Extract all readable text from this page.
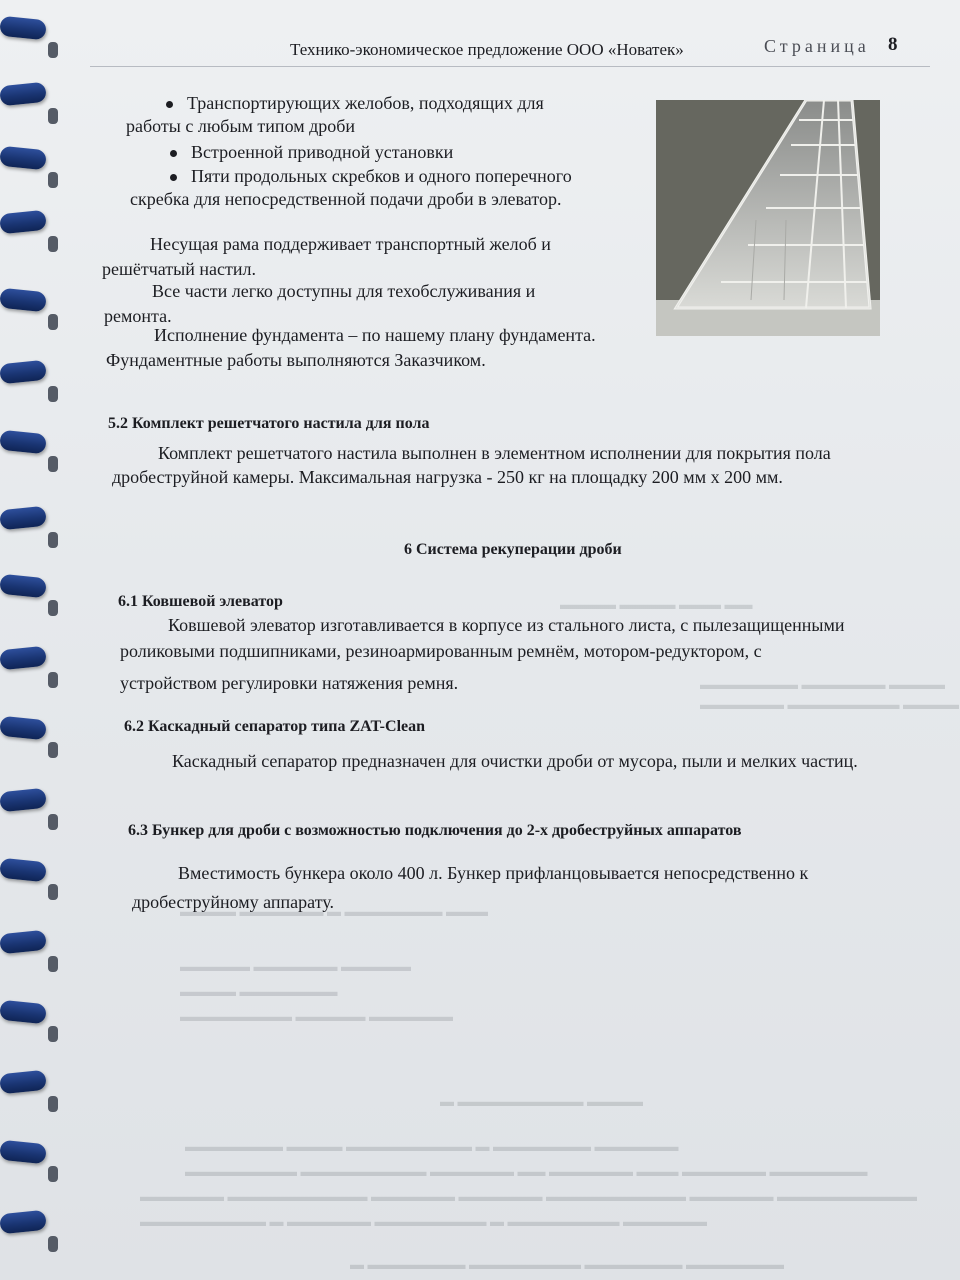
▬▬▬▬ ▬▬▬▬ ▬▬▬ ▬▬
▬▬▬▬▬▬▬ ▬▬▬▬▬▬ ▬▬▬▬
▬▬▬▬▬▬ ▬▬▬▬▬▬▬▬ ▬▬▬▬
▬▬▬▬ ▬▬▬▬▬▬ ▬ ▬▬▬▬▬▬▬ ▬▬▬
▬▬▬▬▬ ▬▬▬▬▬▬ ▬▬▬▬▬
▬▬▬▬ ▬▬▬▬▬▬▬
▬▬▬▬▬▬▬▬ ▬▬▬▬▬ ▬▬▬▬▬▬
▬ ▬▬▬▬▬▬▬▬▬ ▬▬▬▬
▬▬▬▬▬▬▬ ▬▬▬▬ ▬▬▬▬▬▬▬▬▬ ▬ ▬▬▬▬▬▬▬ ▬▬▬▬▬▬
▬▬▬▬▬▬▬▬ ▬▬▬▬▬▬▬▬▬ ▬▬▬▬▬▬ ▬▬ ▬▬▬▬▬▬ ▬▬▬ ▬▬▬▬▬▬ ▬▬▬▬▬▬▬
▬▬▬▬▬▬ ▬▬▬▬▬▬▬▬▬▬ ▬▬▬▬▬▬ ▬▬▬▬▬▬ ▬▬▬▬▬▬▬▬▬▬ ▬▬▬▬▬▬ ▬▬▬▬▬▬▬▬▬▬
▬▬▬▬▬▬▬▬▬ ▬ ▬▬▬▬▬▬ ▬▬▬▬▬▬▬▬ ▬ ▬▬▬▬▬▬▬▬ ▬▬▬▬▬▬
▬ ▬▬▬▬▬▬▬ ▬▬▬▬▬▬▬▬ ▬▬▬▬▬▬▬ ▬▬▬▬▬▬▬
Технико-экономическое предложение ООО «Новатек»	Страница 8
Транспортирующих желобов, подходящих для
работы с любым типом дроби
Встроенной приводной установки
Пяти продольных скребков и одного поперечного
скребка для непосредственной подачи дроби в элеватор.
Несущая рама поддерживает транспортный желоб и
решётчатый настил.
Все части легко доступны для техобслуживания и
ремонта.
Исполнение фундамента – по нашему плану фундамента.
Фундаментные работы выполняются Заказчиком.
5.2 Комплект решетчатого настила для пола
Комплект решетчатого настила выполнен в элементном исполнении для покрытия пола
дробеструйной камеры. Максимальная нагрузка - 250 кг на площадку 200 мм х 200 мм.
6 Система рекуперации дроби
6.1 Ковшевой элеватор
Ковшевой элеватор изготавливается в корпусе из стального листа, с пылезащищенными
роликовыми подшипниками, резиноармированным ремнём, мотором-редуктором, с
устройством регулировки натяжения ремня.
6.2 Каскадный сепаратор типа ZAT-Clean
Каскадный сепаратор предназначен для очистки дроби от мусора, пыли и мелких частиц.
6.3 Бункер для дроби с возможностью подключения до 2-х дробеструйных аппаратов
Вместимость бункера около 400 л. Бункер прифланцовывается непосредственно к
дробеструйному аппарату.
